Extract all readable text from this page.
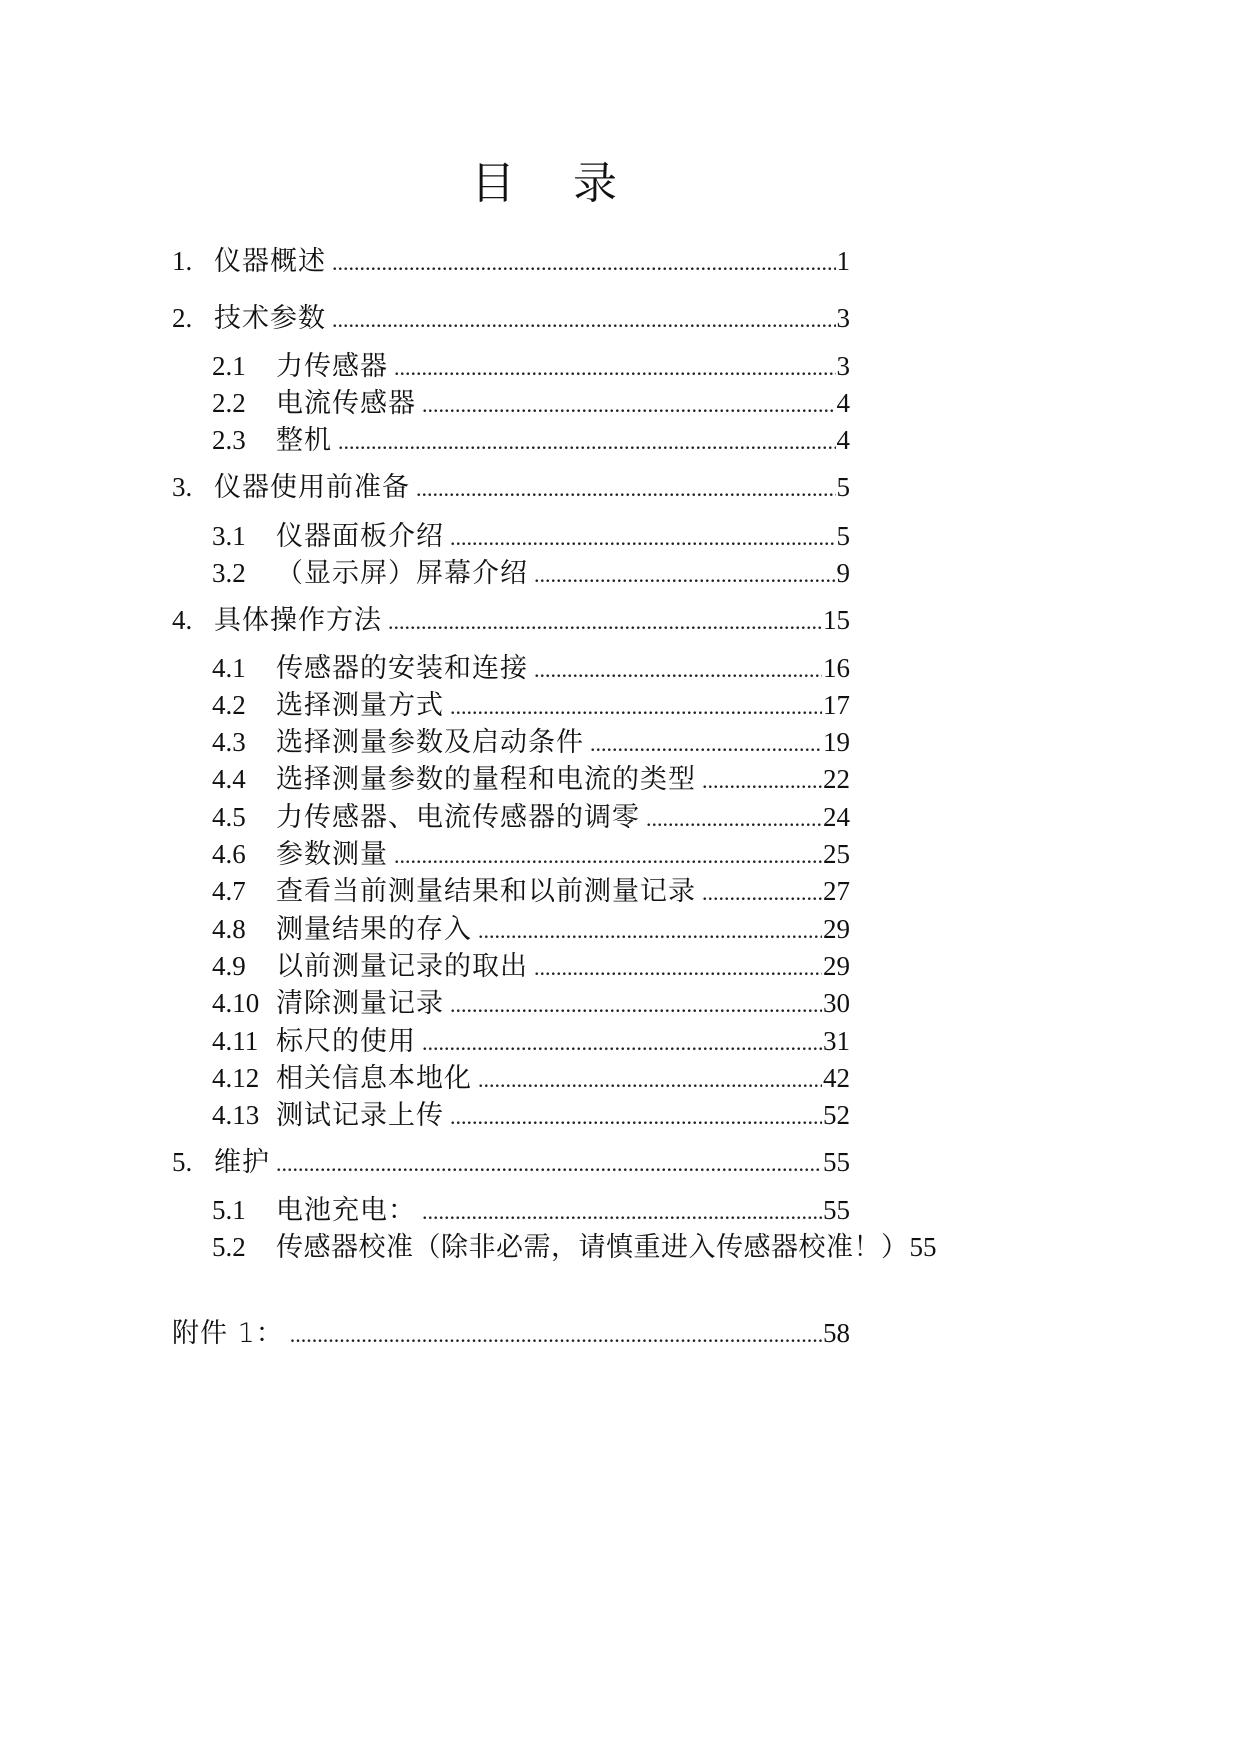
目 录
1. 仪器概述 .....	1
2. 技术参数 .....	3
2.1	力传感器 .....	3
2.2	电流传感器 .....	4
2.3	整机 .....	4
3. 仪器使用前准备 .....	5
3.1	仪器面板介绍 .....	5
3.2	（显示屏）屏幕介绍 .....	9
4. 具体操作方法 .....	15
4.1	传感器的安装和连接 .....	16
4.2	选择测量方式 .....	17
4.3	选择测量参数及启动条件 .....	19
4.4	选择测量参数的量程和电流的类型 .....	22
4.5	力传感器、电流传感器的调零 .....	24
4.6	参数测量 .....	25
4.7	查看当前测量结果和以前测量记录 .....	27
4.8	测量结果的存入 .....	29
4.9	以前测量记录的取出 .....	29
4.10 清除测量记录 .....	30
4.11 标尺的使用 .....	31
4.12 相关信息本地化 .....	42
4.13 测试记录上传 .....	52
5. 维护 .....	55
5.1	电池充电： .....	55
5.2	传感器校准（除非必需，请慎重进入传感器校准！） 55
附件 1： .....	58
